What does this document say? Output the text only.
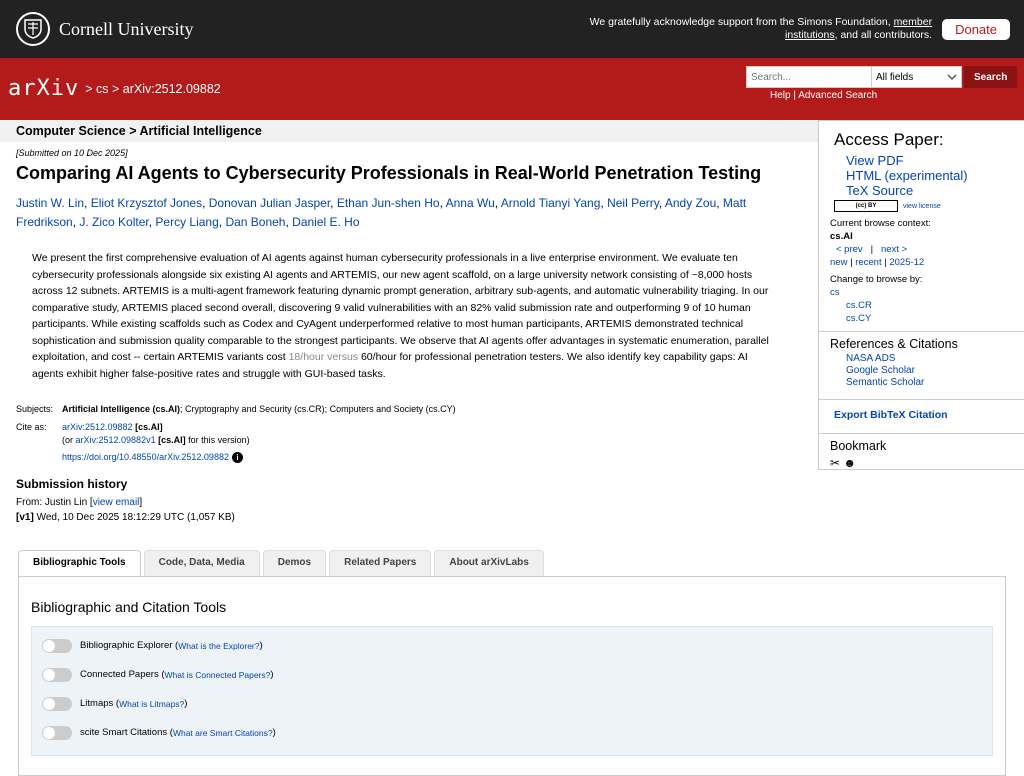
Cornell University	We gratefully acknowledge support from the Simons Foundation, member
institutions, and all contributors.	Donate
arXiv > cs > arXiv:2512.09882
Search...
All fields	Search
Help | Advanced Search
Computer Science > Artificial Intelligence
[Submitted on 10 Dec 2025]
Comparing AI Agents to Cybersecurity Professionals in Real-World Penetration Testing
Justin W. Lin, Eliot Krzysztof Jones, Donovan Julian Jasper, Ethan Jun-shen Ho, Anna Wu, Arnold Tianyi Yang, Neil Perry, Andy Zou, Matt Fredrikson, J. Zico Kolter, Percy Liang, Dan Boneh, Daniel E. Ho
We present the first comprehensive evaluation of AI agents against human cybersecurity professionals in a live enterprise environment. We evaluate ten cybersecurity professionals alongside six existing AI agents and ARTEMIS, our new agent scaffold, on a large university network consisting of ~8,000 hosts across 12 subnets. ARTEMIS is a multi-agent framework featuring dynamic prompt generation, arbitrary sub-agents, and automatic vulnerability triaging. In our comparative study, ARTEMIS placed second overall, discovering 9 valid vulnerabilities with an 82% valid submission rate and outperforming 9 of 10 human participants. While existing scaffolds such as Codex and CyAgent underperformed relative to most human participants, ARTEMIS demonstrated technical sophistication and submission quality comparable to the strongest participants. We observe that AI agents offer advantages in systematic enumeration, parallel exploitation, and cost -- certain ARTEMIS variants cost 18/hour versus 60/hour for professional penetration testers. We also identify key capability gaps: AI agents exhibit higher false-positive rates and struggle with GUI-based tasks.
Subjects: Artificial Intelligence (cs.AI); Cryptography and Security (cs.CR); Computers and Society (cs.CY)
Cite as:	arXiv:2512.09882 [cs.AI]
(or arXiv:2512.09882v1 [cs.AI] for this version)
https://doi.org/10.48550/arXiv.2512.09882 i
Submission history
From: Justin Lin [view email]
[v1] Wed, 10 Dec 2025 18:12:29 UTC (1,057 KB)
Access Paper:
View PDF
HTML (experimental)
TeX Source
(cc) BY	view license
Current browse context:
cs.AI
< prev | next >
new | recent | 2025-12
Change to browse by:
cs
cs.CR
cs.CY
References & Citations
NASA ADS
Google Scholar
Semantic Scholar
Export BibTeX Citation
Bookmark
✂ ☻
Bibliographic Tools	Code, Data, Media	Demos	Related Papers	About arXivLabs
Bibliographic and Citation Tools
Bibliographic Explorer ( What is the Explorer? )
Connected Papers ( What is Connected Papers? )
Litmaps ( What is Litmaps? )
scite Smart Citations ( What are Smart Citations? )
